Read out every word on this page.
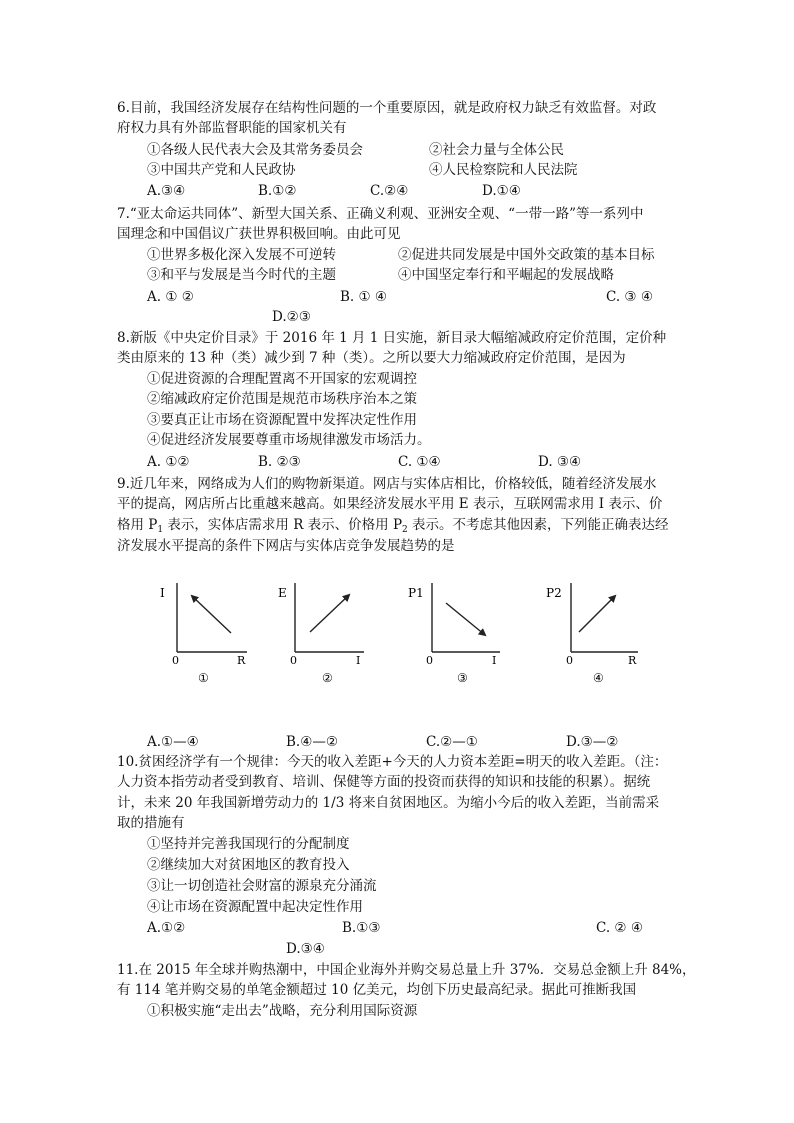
6.目前，我国经济发展存在结构性问题的一个重要原因，就是政府权力缺乏有效监督。对政
府权力具有外部监督职能的国家机关有
①各级人民代表大会及其常务委员会	②社会力量与全体公民
③中国共产党和人民政协	④人民检察院和人民法院
A.③④	B.①②	C.②④	D.①④
7.“亚太命运共同体”、新型大国关系、正确义利观、亚洲安全观、“一带一路”等一系列中
国理念和中国倡议广获世界积极回响。由此可见
①世界多极化深入发展不可逆转	②促进共同发展是中国外交政策的基本目标
③和平与发展是当今时代的主题	④中国坚定奉行和平崛起的发展战略
A. ① ②	B. ① ④	C. ③ ④
D.②③
8.新版《中央定价目录》于 2016 年 1 月 1 日实施，新目录大幅缩减政府定价范围，定价种
类由原来的 13 种（类）减少到 7 种（类）。之所以要大力缩减政府定价范围，是因为
①促进资源的合理配置离不开国家的宏观调控
②缩减政府定价范围是规范市场秩序治本之策
③要真正让市场在资源配置中发挥决定性作用
④促进经济发展要尊重市场规律激发市场活力。
A. ①②	B. ②③	C. ①④	D. ③④
9.近几年来，网络成为人们的购物新渠道。网店与实体店相比，价格较低，随着经济发展水
平的提高，网店所占比重越来越高。如果经济发展水平用 E 表示，互联网需求用 I 表示、价
格用 $P_1$ 表示，实体店需求用 R 表示、价格用 $P_2$ 表示。不考虑其他因素，下列能正确表达经
济发展水平提高的条件下网店与实体店竞争发展趋势的是
I
0	R
①
E
0	I
②
P1
0	I
③
P2
0	R
④
A.①—④	B.④—②	C.②—①	D.③—②
10.贫困经济学有一个规律：今天的收入差距+今天的人力资本差距=明天的收入差距。（注：
人力资本指劳动者受到教育、培训、保健等方面的投资而获得的知识和技能的积累）。据统
计，未来 20 年我国新增劳动力的 1/3 将来自贫困地区。为缩小今后的收入差距，当前需采
取的措施有
①坚持并完善我国现行的分配制度
②继续加大对贫困地区的教育投入
③让一切创造社会财富的源泉充分涌流
④让市场在资源配置中起决定性作用
A.①②	B.①③	C. ② ④
D.③④
11.在 2015 年全球并购热潮中，中国企业海外并购交易总量上升 37%．交易总金额上升 84%，
有 114 笔并购交易的单笔金额超过 10 亿美元，均创下历史最高纪录。据此可推断我国
①积极实施“走出去”战略，充分利用国际资源
